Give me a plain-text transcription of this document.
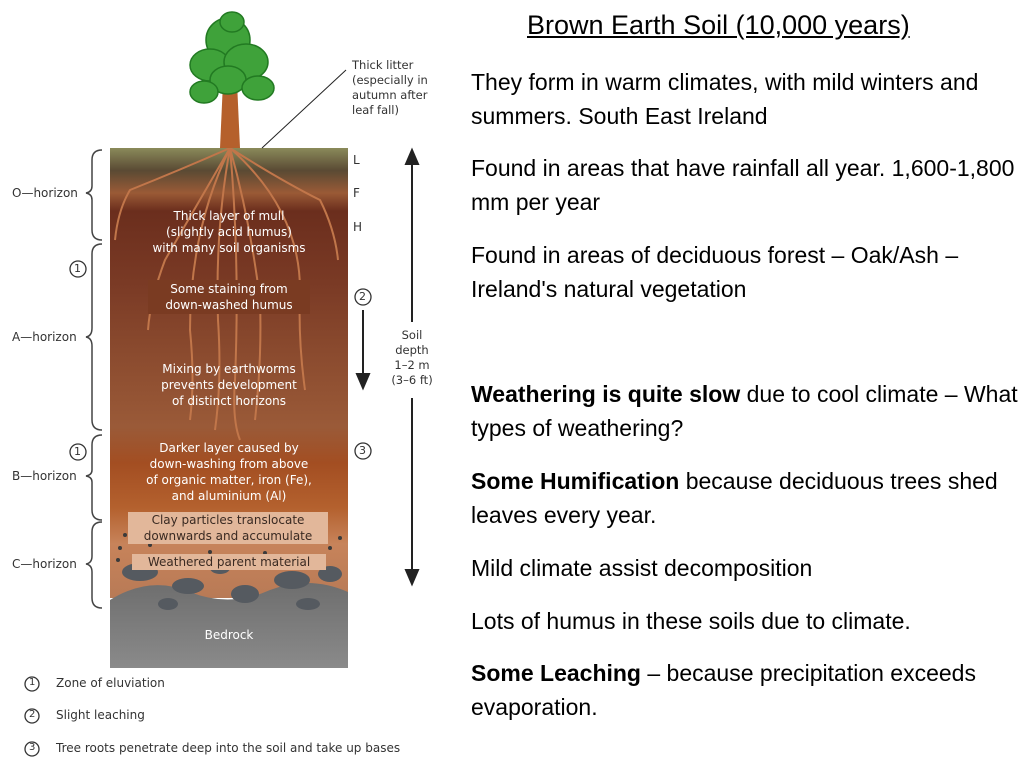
Thick litter
(especially in
autumn after
leaf fall)
L
F
H
O—horizon
A—horizon
B—horizon
C—horizon
1
2
1	3
Thick layer of mull
(slightly acid humus)
with many soil organisms
Some staining from
down-washed humus
Mixing by earthworms
prevents development
of distinct horizons
Darker layer caused by
down-washing from above
of organic matter, iron (Fe),
and aluminium (Al)
Clay particles translocate
downwards and accumulate
Weathered parent material
Bedrock
Soil
depth
1–2 m
(3–6 ft)
1 Zone of eluviation
2 Slight leaching
3 Tree roots penetrate deep into the soil and take up bases
Brown Earth Soil (10,000 years)
They form in warm climates, with mild winters and summers. South East Ireland
Found in areas that have rainfall all year. 1,600-1,800 mm per year
Found in areas of deciduous forest – Oak/Ash – Ireland's natural vegetation
Weathering is quite slow due to cool climate – What types of weathering?
Some Humification because deciduous trees shed leaves every year.
Mild climate assist decomposition
Lots of humus in these soils due to climate.
Some Leaching – because precipitation exceeds evaporation.
